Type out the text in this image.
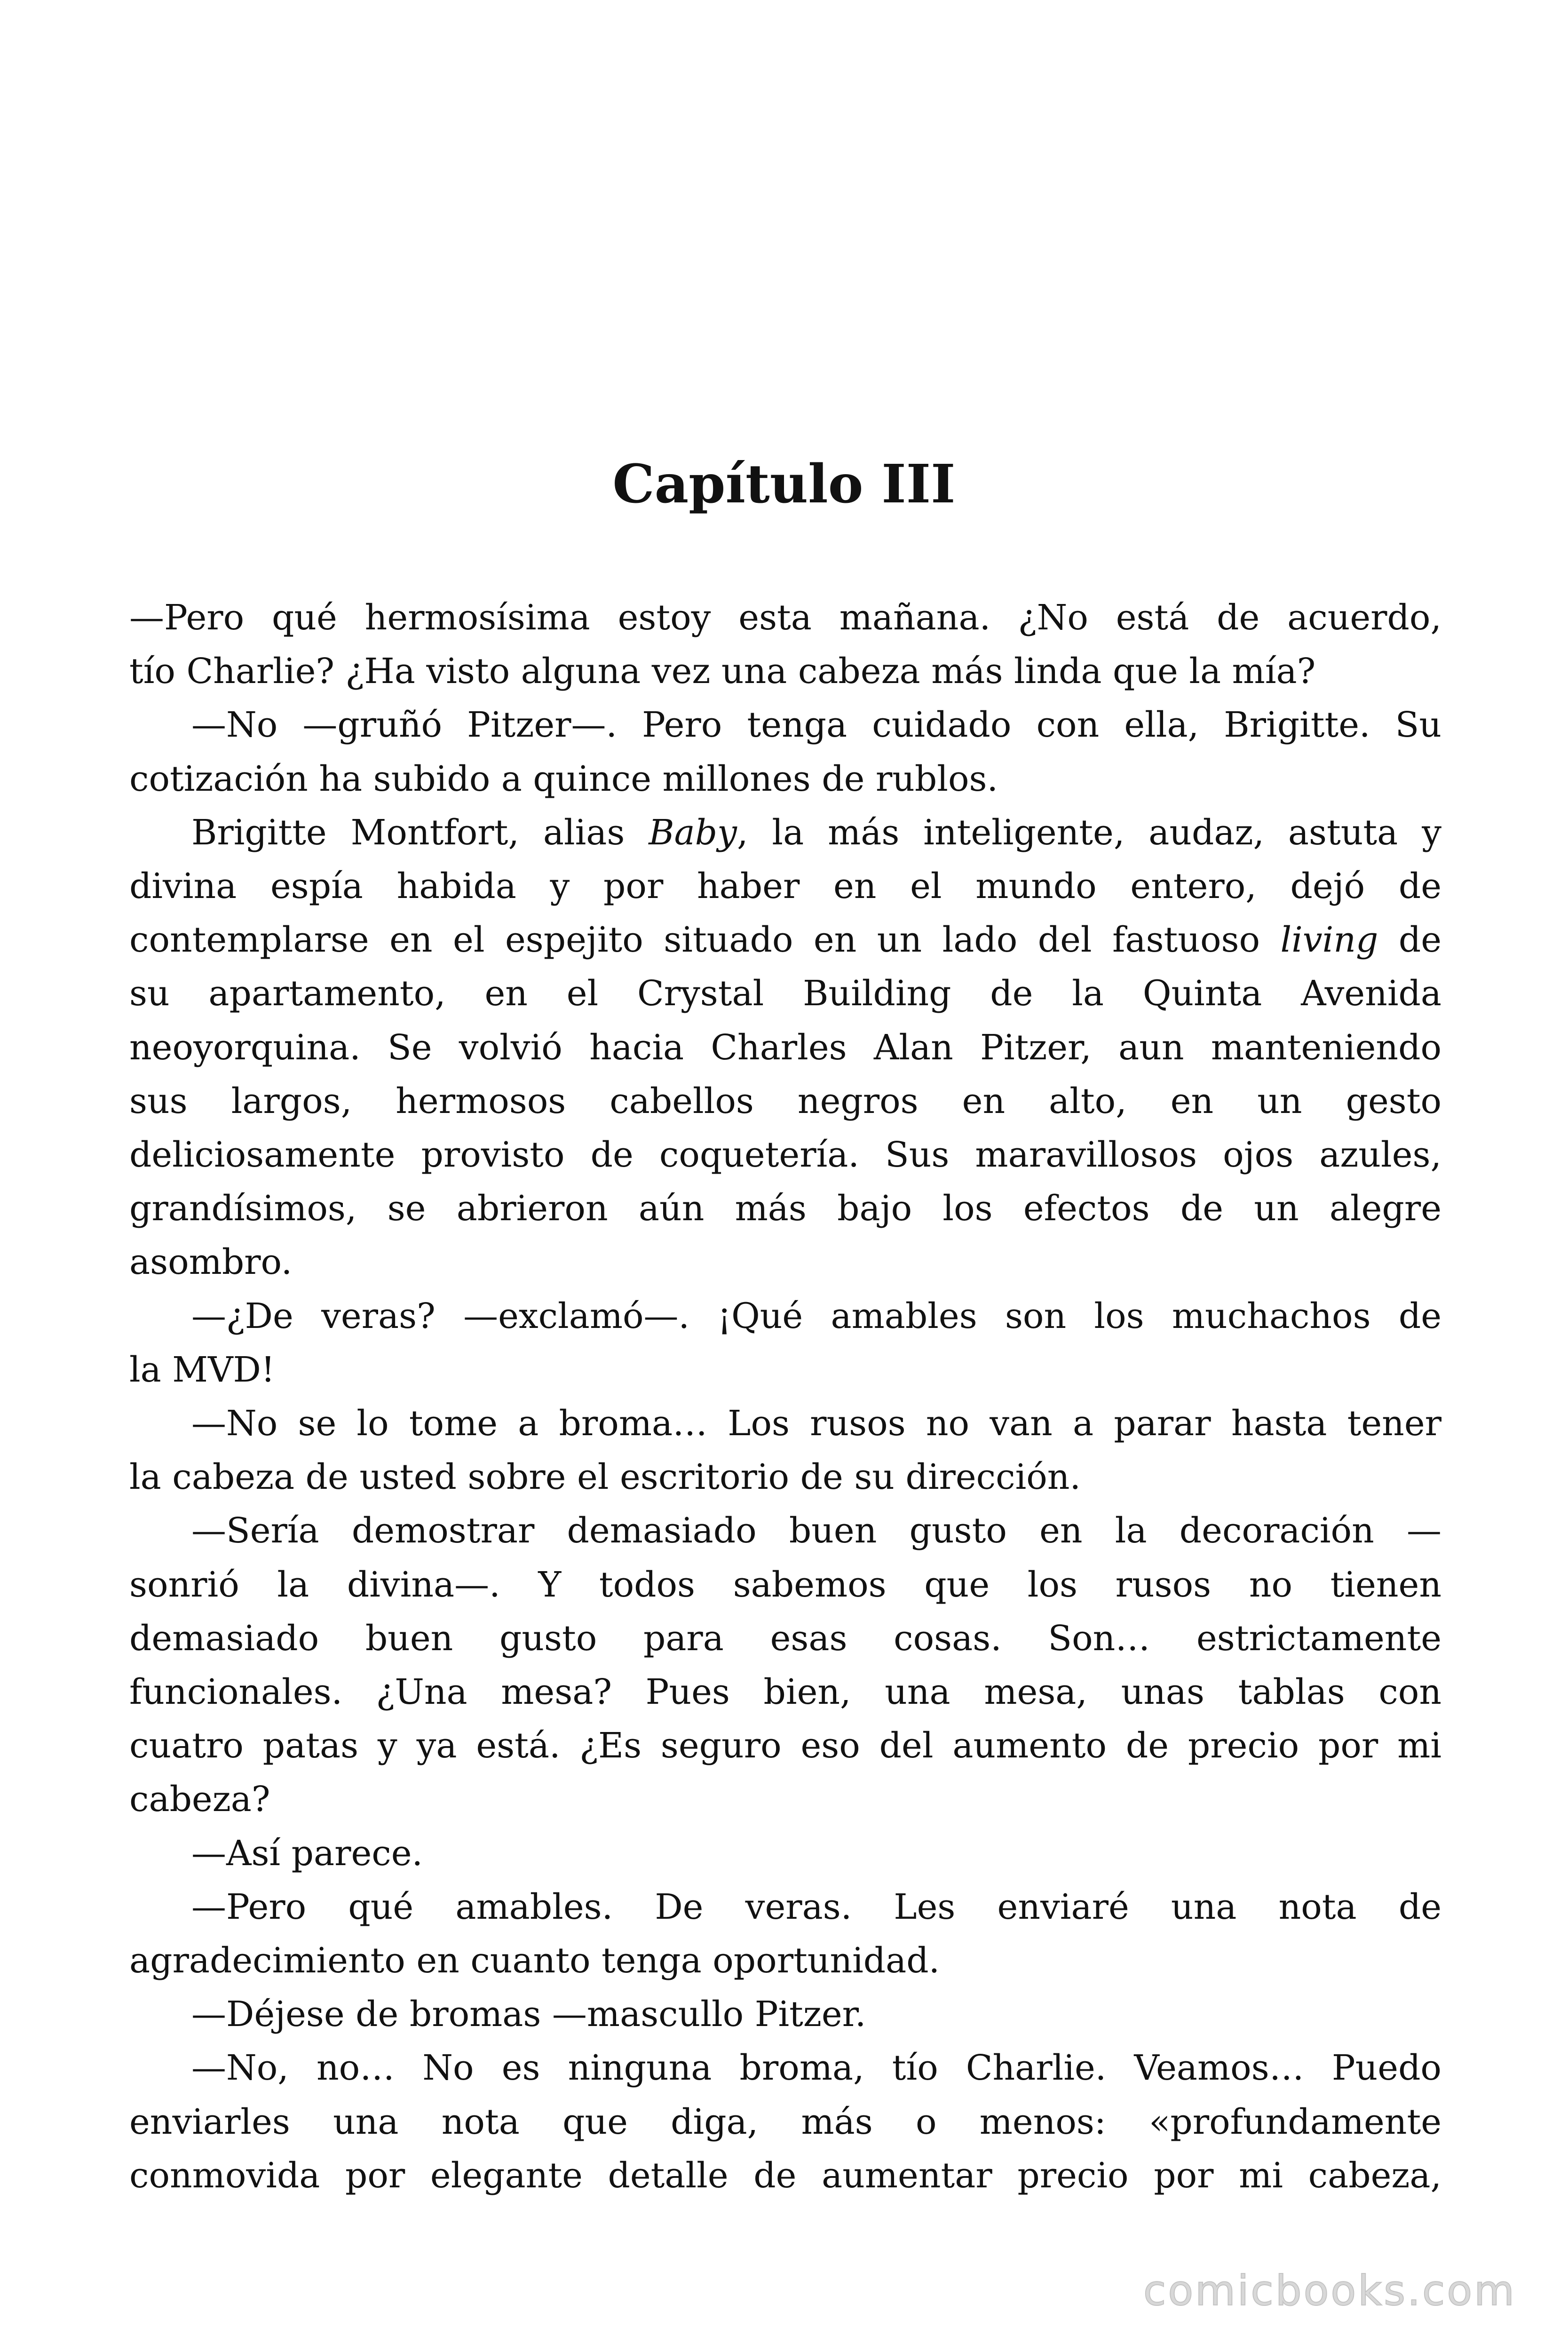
Capítulo III

—Pero qué hermosísima estoy esta mañana. ¿No está de acuerdo,
tío Charlie? ¿Ha visto alguna vez una cabeza más linda que la mía?

—No —gruñó Pitzer—. Pero tenga cuidado con ella, Brigitte. Su
cotización ha subido a quince millones de rublos.

Brigitte Montfort, alias Baby, la más inteligente, audaz, astuta y
divina espía habida y por haber en el mundo entero, dejó de
contemplarse en el espejito situado en un lado del fastuoso living de
su apartamento, en el Crystal Building de la Quinta Avenida
neoyorquina. Se volvió hacia Charles Alan Pitzer, aun manteniendo
sus largos, hermosos cabellos negros en alto, en un gesto
deliciosamente provisto de coquetería. Sus maravillosos ojos azules,
grandísimos, se abrieron aún más bajo los efectos de un alegre
asombro.

—¿De veras? —exclamó—. ¡Qué amables son los muchachos de
la MVD!

—No se lo tome a broma… Los rusos no van a parar hasta tener
la cabeza de usted sobre el escritorio de su dirección.

—Sería demostrar demasiado buen gusto en la decoración —
sonrió la divina—. Y todos sabemos que los rusos no tienen
demasiado buen gusto para esas cosas. Son… estrictamente
funcionales. ¿Una mesa? Pues bien, una mesa, unas tablas con
cuatro patas y ya está. ¿Es seguro eso del aumento de precio por mi
cabeza?

—Así parece.

—Pero qué amables. De veras. Les enviaré una nota de
agradecimiento en cuanto tenga oportunidad.

—Déjese de bromas —mascullo Pitzer.

—No, no… No es ninguna broma, tío Charlie. Veamos… Puedo
enviarles una nota que diga, más o menos: «profundamente
conmovida por elegante detalle de aumentar precio por mi cabeza,

comicbooks.com
